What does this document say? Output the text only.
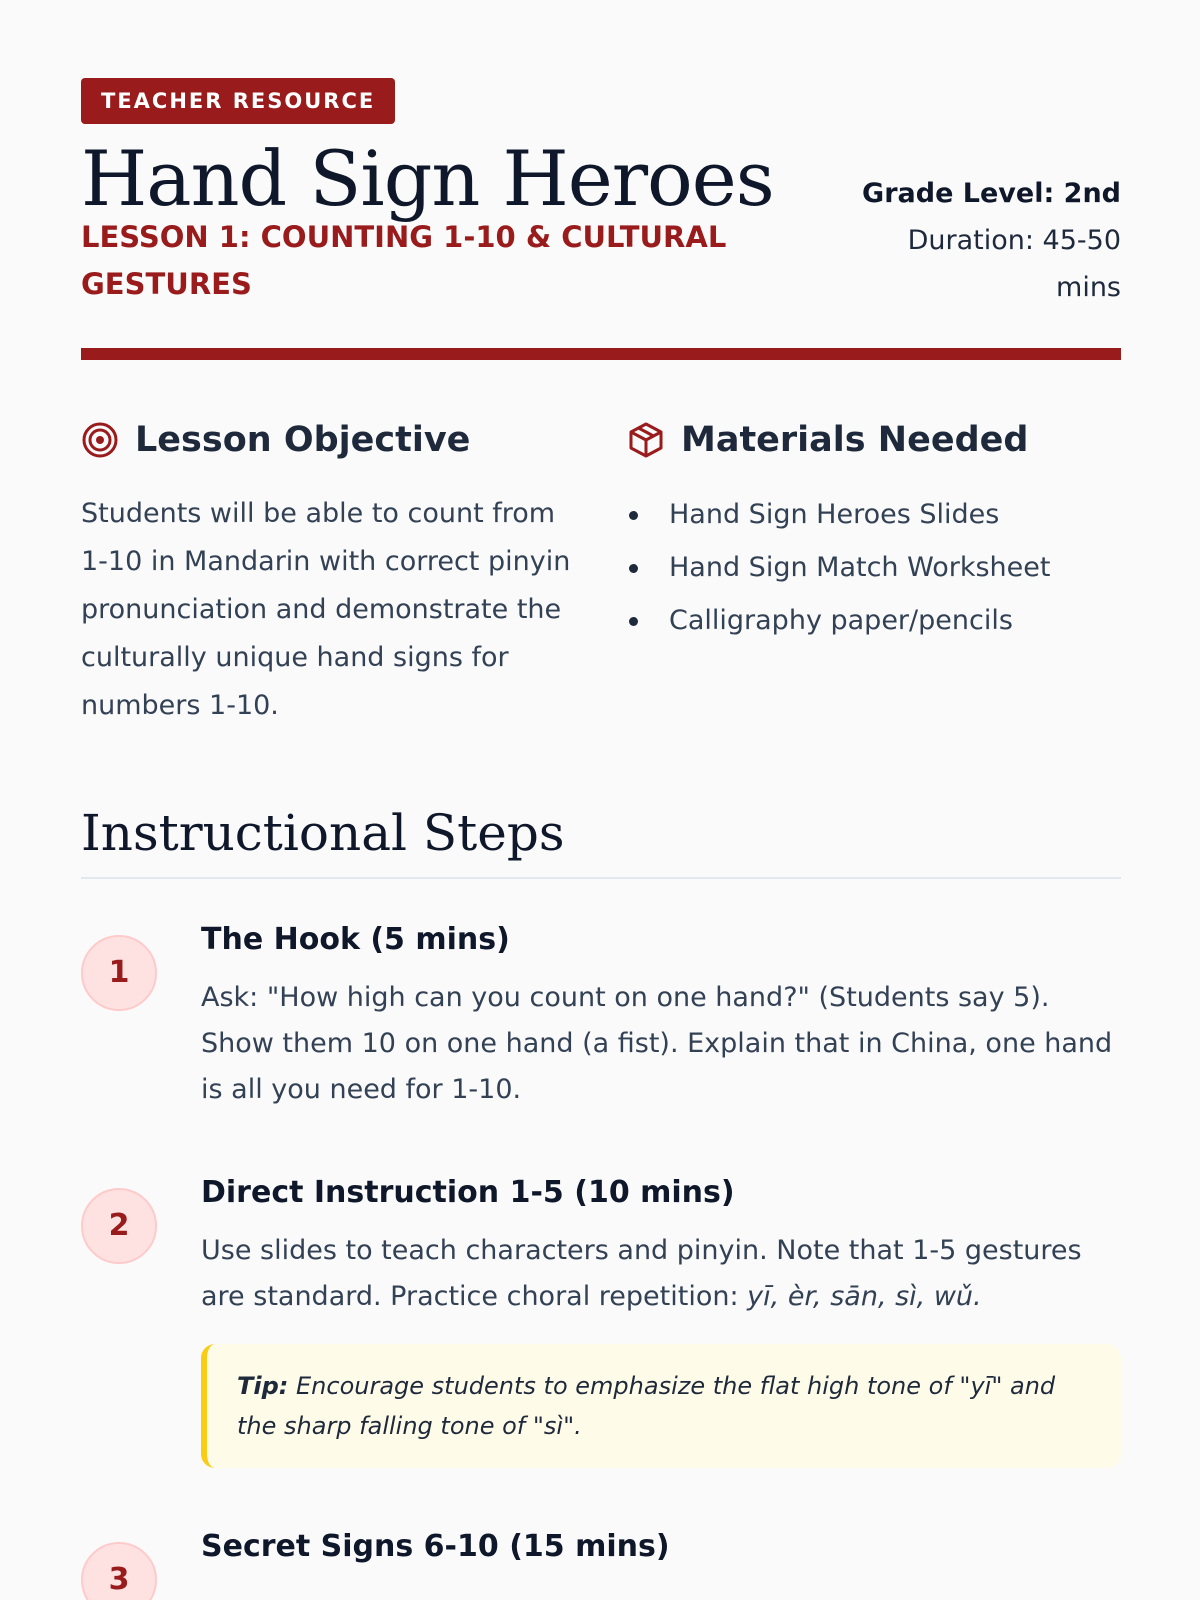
TEACHER RESOURCE
Hand Sign Heroes
LESSON 1: COUNTING 1-10 & CULTURAL GESTURES
Grade Level: 2nd
Duration: 45-50 mins
Lesson Objective

Students will be able to count from 1-10 in Mandarin with correct pinyin pronunciation and demonstrate the culturally unique hand signs for numbers 1-10.

Materials Needed
Hand Sign Heroes Slides
Hand Sign Match Worksheet
Calligraphy paper/pencils
Instructional Steps
1
The Hook (5 mins)

Ask: "How high can you count on one hand?" (Students say 5). Show them 10 on one hand (a fist). Explain that in China, one hand is all you need for 1-10.

2
Direct Instruction 1-5 (10 mins)

Use slides to teach characters and pinyin. Note that 1-5 gestures are standard. Practice choral repetition: yī, èr, sān, sì, wǔ.

Tip: Encourage students to emphasize the flat high tone of "yī" and the sharp falling tone of "sì".
3
Secret Signs 6-10 (15 mins)
